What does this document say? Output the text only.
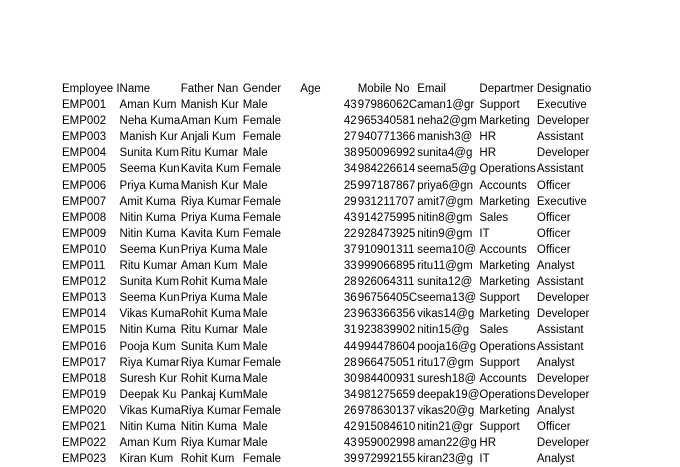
Employee I	Name	Father Nan	Gender	Age	Mobile No	Email	Departmer	Designatio
EMP001	Aman Kum	Manish Kur	Male	43	97986062C	aman1@gr	Support	Executive
EMP002	Neha Kuma	Aman Kum	Female	42	965340581	neha2@gm	Marketing	Developer
EMP003	Manish Kur	Anjali Kum	Female	27	940771366	manish3@	HR	Assistant
EMP004	Sunita Kum	Ritu Kumar	Male	38	950096992	sunita4@g	HR	Developer
EMP005	Seema Kun	Kavita Kum	Female	34	984226614	seema5@g	Operations	Assistant
EMP006	Priya Kuma	Manish Kur	Male	25	997187867	priya6@gn	Accounts	Officer
EMP007	Amit Kuma	Riya Kumar	Female	29	931211707	amit7@gm	Marketing	Executive
EMP008	Nitin Kuma	Priya Kuma	Female	43	914275995	nitin8@gm	Sales	Officer
EMP009	Nitin Kuma	Kavita Kum	Female	22	928473925	nitin9@gm	IT	Officer
EMP010	Seema Kun	Priya Kuma	Male	37	910901311	seema10@	Accounts	Officer
EMP011	Ritu Kumar	Aman Kum	Male	33	999066895	ritu11@gm	Marketing	Analyst
EMP012	Sunita Kum	Rohit Kuma	Male	28	926064311	sunita12@	Marketing	Assistant
EMP013	Seema Kun	Priya Kuma	Male	36	96756405C	seema13@	Support	Developer
EMP014	Vikas Kuma	Rohit Kuma	Male	23	963366356	vikas14@g	Marketing	Developer
EMP015	Nitin Kuma	Ritu Kumar	Male	31	923839902	nitin15@g	Sales	Assistant
EMP016	Pooja Kum	Sunita Kum	Male	44	994478604	pooja16@g	Operations	Assistant
EMP017	Riya Kumar	Riya Kumar	Female	28	966475051	ritu17@gm	Support	Analyst
EMP018	Suresh Kur	Rohit Kuma	Male	30	984400931	suresh18@	Accounts	Developer
EMP019	Deepak Ku	Pankaj Kum	Male	34	981275659	deepak19@	Operations	Developer
EMP020	Vikas Kuma	Riya Kumar	Female	26	978630137	vikas20@g	Marketing	Analyst
EMP021	Nitin Kuma	Nitin Kuma	Male	42	915084610	nitin21@gr	Support	Officer
EMP022	Aman Kum	Riya Kumar	Male	43	959002998	aman22@g	HR	Developer
EMP023	Kiran Kum	Rohit Kum	Female	39	972992155	kiran23@g	IT	Analyst
